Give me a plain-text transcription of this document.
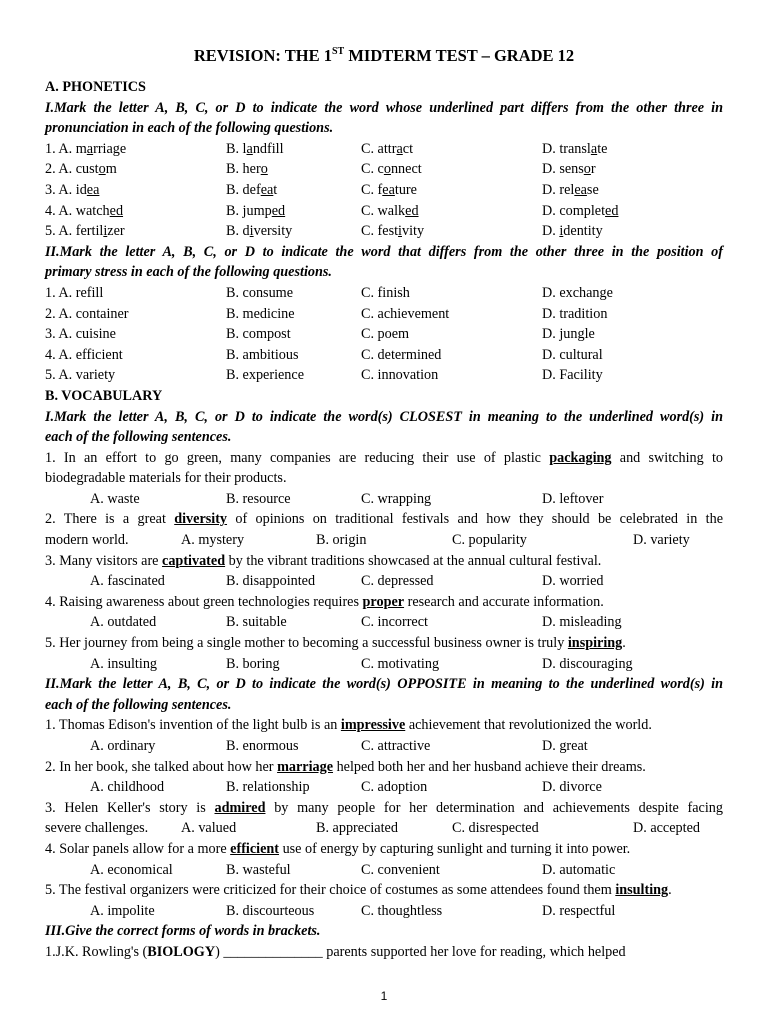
REVISION: THE 1ST MIDTERM TEST – GRADE 12
A. PHONETICS
I.Mark the letter A, B, C, or D to indicate the word whose underlined part differs from the other three in
pronunciation in each of the following questions.
1. A. marriage	B. landfill	C. attract	D. translate
2. A. custom	B. hero	C. connect	D. sensor
3. A. idea	B. defeat	C. feature	D. release
4. A. watched	B. jumped	C. walked	D. completed
5. A. fertilizer	B. diversity	C. festivity	D. identity
II.Mark the letter A, B, C, or D to indicate the word that differs from the other three in the position of
primary stress in each of the following questions.
1. A. refill	B. consume	C. finish	D. exchange
2. A. container	B. medicine	C. achievement	D. tradition
3. A. cuisine	B. compost	C. poem	D. jungle
4. A. efficient	B. ambitious	C. determined	D. cultural
5. A. variety	B. experience	C. innovation	D. Facility
B. VOCABULARY
I.Mark the letter A, B, C, or D to indicate the word(s) CLOSEST in meaning to the underlined word(s) in
each of the following sentences.
1. In an effort to go green, many companies are reducing their use of plastic packaging and switching to
biodegradable materials for their products.
A. waste	B. resource	C. wrapping	D. leftover
2. There is a great diversity of opinions on traditional festivals and how they should be celebrated in the
modern world.	A. mystery	B. origin	C. popularity	D. variety
3. Many visitors are captivated by the vibrant traditions showcased at the annual cultural festival.
A. fascinated	B. disappointed	C. depressed	D. worried
4. Raising awareness about green technologies requires proper research and accurate information.
A. outdated	B. suitable	C. incorrect	D. misleading
5. Her journey from being a single mother to becoming a successful business owner is truly inspiring.
A. insulting	B. boring	C. motivating	D. discouraging
II.Mark the letter A, B, C, or D to indicate the word(s) OPPOSITE in meaning to the underlined word(s) in
each of the following sentences.
1. Thomas Edison's invention of the light bulb is an impressive achievement that revolutionized the world.
A. ordinary	B. enormous	C. attractive	D. great
2. In her book, she talked about how her marriage helped both her and her husband achieve their dreams.
A. childhood	B. relationship	C. adoption	D. divorce
3. Helen Keller's story is admired by many people for her determination and achievements despite facing
severe challenges. A. valued	B. appreciated	C. disrespected	D. accepted
4. Solar panels allow for a more efficient use of energy by capturing sunlight and turning it into power.
A. economical	B. wasteful	C. convenient	D. automatic
5. The festival organizers were criticized for their choice of costumes as some attendees found them insulting.
A. impolite	B. discourteous	C. thoughtless	D. respectful
III.Give the correct forms of words in brackets.
1.J.K. Rowling's (BIOLOGY) ______________ parents supported her love for reading, which helped
1
